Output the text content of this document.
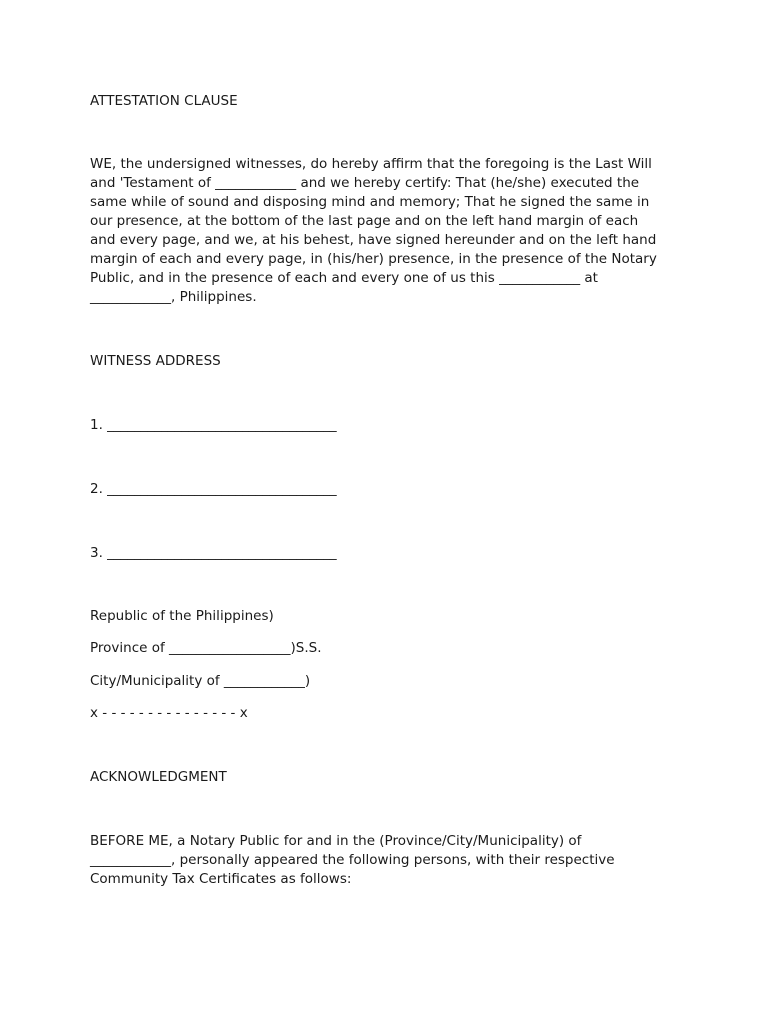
ATTESTATION CLAUSE
WE, the undersigned witnesses, do hereby affirm that the foregoing is the Last Will
and 'Testament of ____________ and we hereby certify: That (he/she) executed the
same while of sound and disposing mind and memory; That he signed the same in
our presence, at the bottom of the last page and on the left hand margin of each
and every page, and we, at his behest, have signed hereunder and on the left hand
margin of each and every page, in (his/her) presence, in the presence of the Notary
Public, and in the presence of each and every one of us this ____________ at
____________, Philippines.
WITNESS ADDRESS
1. __________________________________
2. __________________________________
3. __________________________________
Republic of the Philippines)
Province of __________________)S.S.
City/Municipality of ____________)
x - - - - - - - - - - - - - - - x
ACKNOWLEDGMENT
BEFORE ME, a Notary Public for and in the (Province/City/Municipality) of
____________, personally appeared the following persons, with their respective
Community Tax Certificates as follows:
